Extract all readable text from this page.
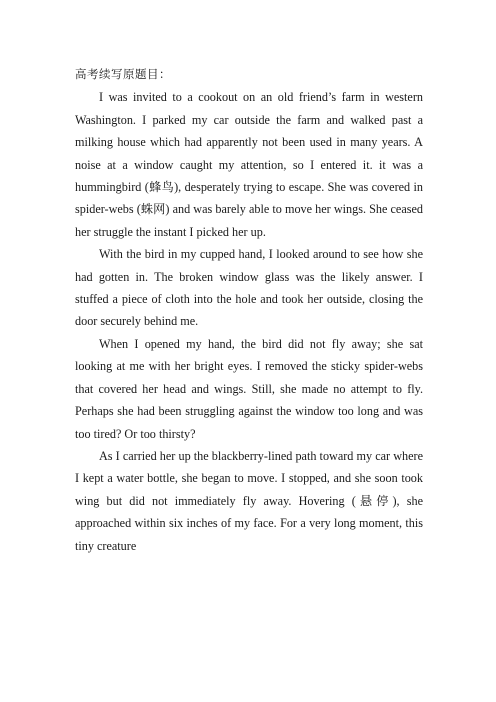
高考续写原题目：

I was invited to a cookout on an old friend’s farm in western Washington. I parked my car outside the farm and walked past a milking house which had apparently not been used in many years. A noise at a window caught my attention, so I entered it. it was a hummingbird (蜂鸟), desperately trying to escape. She was covered in spider-webs (蛛网) and was barely able to move her wings. She ceased her struggle the instant I picked her up.

With the bird in my cupped hand, I looked around to see how she had gotten in. The broken window glass was the likely answer. I stuffed a piece of cloth into the hole and took her outside, closing the door securely behind me.

When I opened my hand, the bird did not fly away; she sat looking at me with her bright eyes. I removed the sticky spider-webs that covered her head and wings. Still, she made no attempt to fly. Perhaps she had been struggling against the window too long and was too tired? Or too thirsty?

As I carried her up the blackberry-lined path toward my car where I kept a water bottle, she began to move. I stopped, and she soon took wing but did not immediately fly away. Hovering (悬停), she approached within six inches of my face. For a very long moment, this tiny creature
